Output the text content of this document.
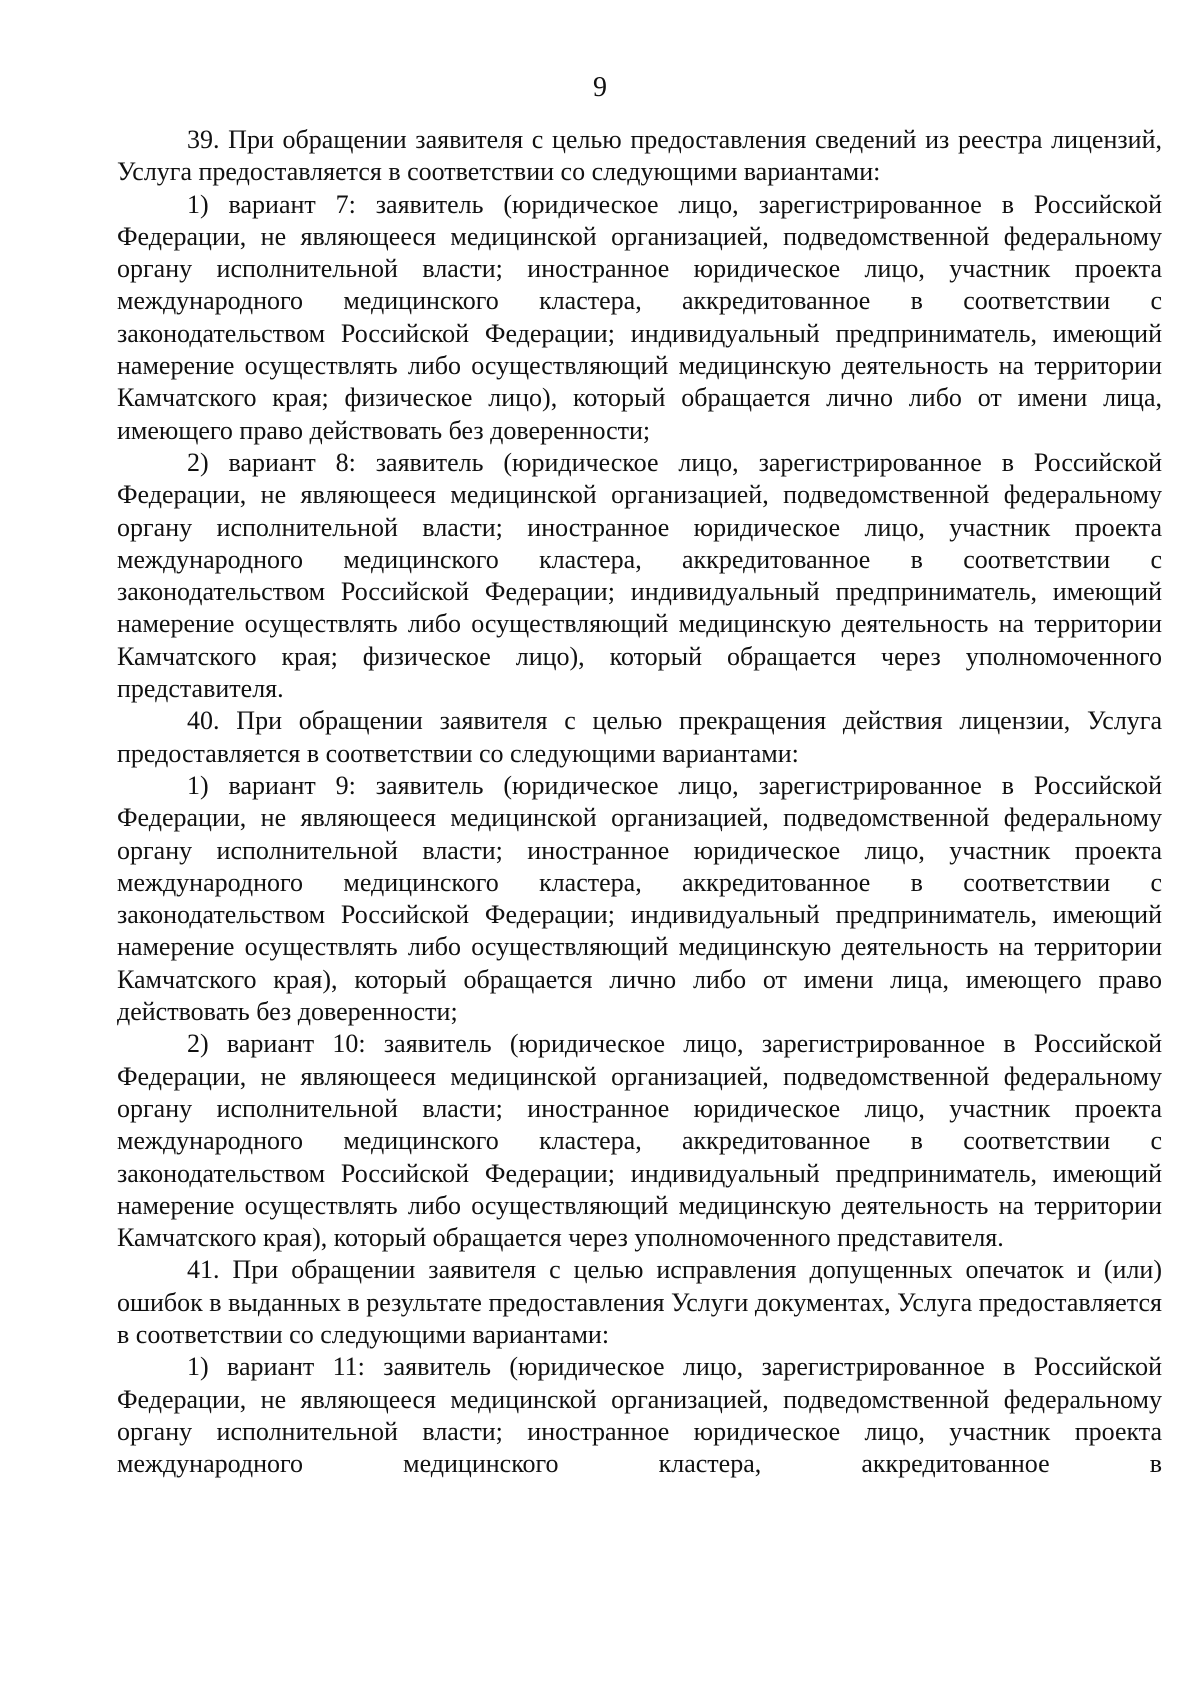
9

39. При обращении заявителя с целью предоставления сведений из реестра лицензий, Услуга предоставляется в соответствии со следующими вариантами:

1) вариант 7: заявитель (юридическое лицо, зарегистрированное в Российской Федерации, не являющееся медицинской организацией, подведомственной федеральному органу исполнительной власти; иностранное юридическое лицо, участник проекта международного медицинского кластера, аккредитованное в соответствии с законодательством Российской Федерации; индивидуальный предприниматель, имеющий намерение осуществлять либо осуществляющий медицинскую деятельность на территории Камчатского края; физическое лицо), который обращается лично либо от имени лица, имеющего право действовать без доверенности;

2) вариант 8: заявитель (юридическое лицо, зарегистрированное в Российской Федерации, не являющееся медицинской организацией, подведомственной федеральному органу исполнительной власти; иностранное юридическое лицо, участник проекта международного медицинского кластера, аккредитованное в соответствии с законодательством Российской Федерации; индивидуальный предприниматель, имеющий намерение осуществлять либо осуществляющий медицинскую деятельность на территории Камчатского края; физическое лицо), который обращается через уполномоченного представителя.

40. При обращении заявителя с целью прекращения действия лицензии, Услуга предоставляется в соответствии со следующими вариантами:

1) вариант 9: заявитель (юридическое лицо, зарегистрированное в Российской Федерации, не являющееся медицинской организацией, подведомственной федеральному органу исполнительной власти; иностранное юридическое лицо, участник проекта международного медицинского кластера, аккредитованное в соответствии с законодательством Российской Федерации; индивидуальный предприниматель, имеющий намерение осуществлять либо осуществляющий медицинскую деятельность на территории Камчатского края), который обращается лично либо от имени лица, имеющего право действовать без доверенности;

2) вариант 10: заявитель (юридическое лицо, зарегистрированное в Российской Федерации, не являющееся медицинской организацией, подведомственной федеральному органу исполнительной власти; иностранное юридическое лицо, участник проекта международного медицинского кластера, аккредитованное в соответствии с законодательством Российской Федерации; индивидуальный предприниматель, имеющий намерение осуществлять либо осуществляющий медицинскую деятельность на территории Камчатского края), который обращается через уполномоченного представителя.

41. При обращении заявителя с целью исправления допущенных опечаток и (или) ошибок в выданных в результате предоставления Услуги документах, Услуга предоставляется в соответствии со следующими вариантами:

1) вариант 11: заявитель (юридическое лицо, зарегистрированное в Российской Федерации, не являющееся медицинской организацией, подведомственной федеральному органу исполнительной власти; иностранное юридическое лицо, участник проекта международного медицинского кластера, аккредитованное в
